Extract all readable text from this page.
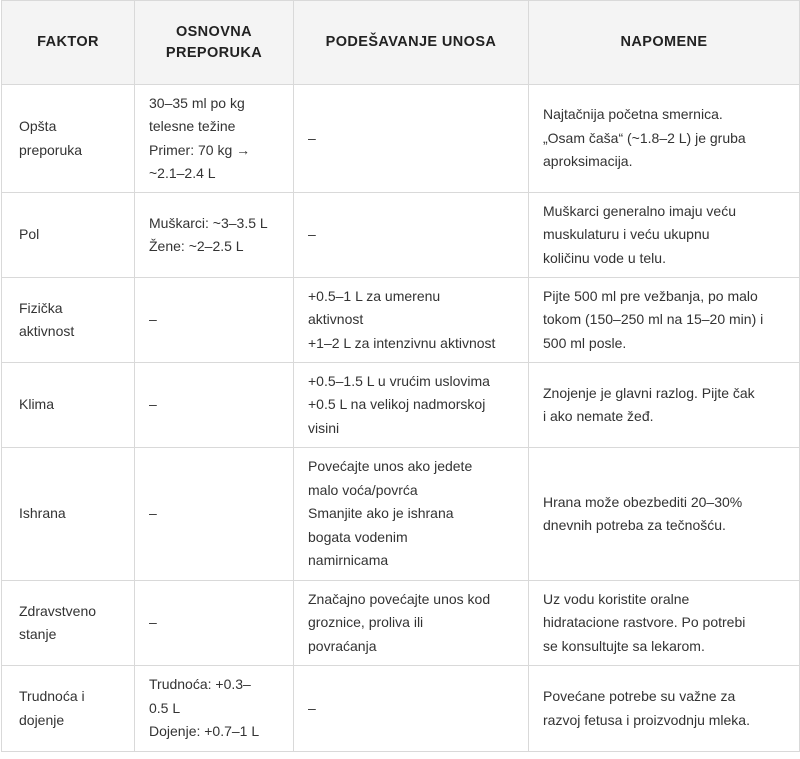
FAKTOR	OSNOVNA
PREPORUKA	PODEŠAVANJE UNOSA	NAPOMENE
Opšta
preporuka	30–35 ml po kg
telesne težine
Primer: 70 kg →
~2.1–2.4 L	–	Najtačnija početna smernica.
„Osam čaša“ (~1.8–2 L) je gruba
aproksimacija.
Pol	Muškarci: ~3–3.5 L
Žene: ~2–2.5 L	–	Muškarci generalno imaju veću
muskulaturu i veću ukupnu
količinu vode u telu.
Fizička
aktivnost	–	+0.5–1 L za umerenu
aktivnost
+1–2 L za intenzivnu aktivnost	Pijte 500 ml pre vežbanja, po malo
tokom (150–250 ml na 15–20 min) i
500 ml posle.
Klima	–	+0.5–1.5 L u vrućim uslovima
+0.5 L na velikoj nadmorskoj
visini	Znojenje je glavni razlog. Pijte čak
i ako nemate žeđ.
Ishrana	–	Povećajte unos ako jedete
malo voća/povrća
Smanjite ako je ishrana
bogata vodenim
namirnicama	Hrana može obezbediti 20–30%
dnevnih potreba za tečnošću.
Zdravstveno
stanje	–	Značajno povećajte unos kod
groznice, proliva ili
povraćanja	Uz vodu koristite oralne
hidratacione rastvore. Po potrebi
se konsultujte sa lekarom.
Trudnoća i
dojenje	Trudnoća: +0.3–
0.5 L
Dojenje: +0.7–1 L	–	Povećane potrebe su važne za
razvoj fetusa i proizvodnju mleka.
